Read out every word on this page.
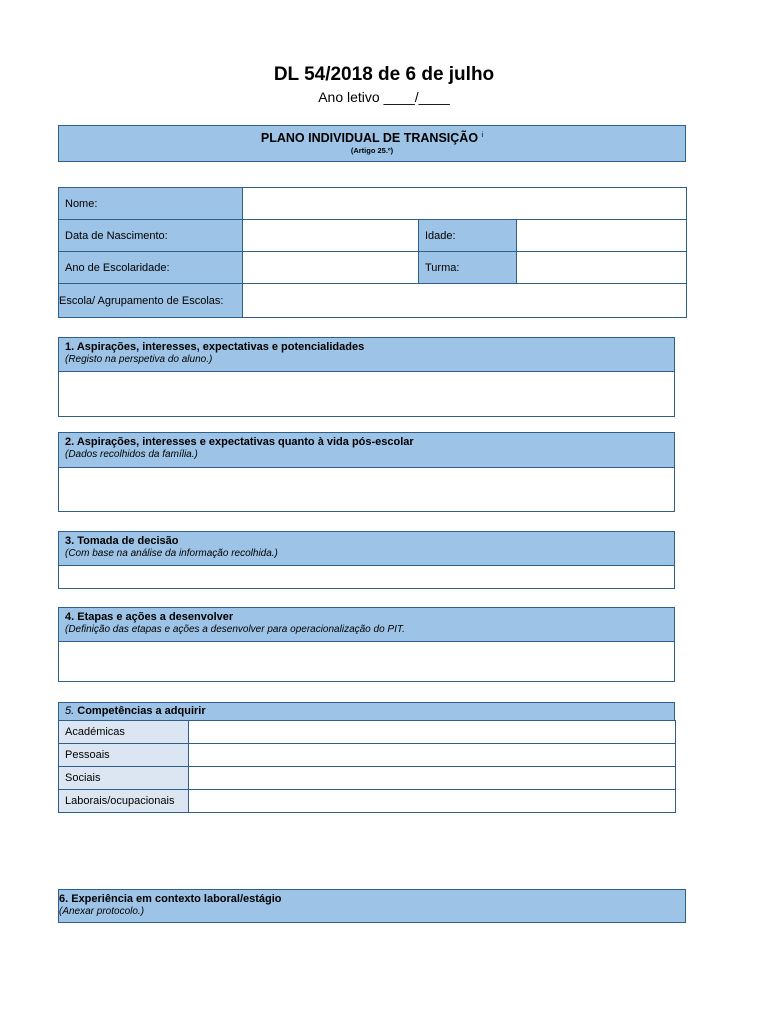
DL 54/2018 de 6 de julho
Ano letivo ____/____
PLANO INDIVIDUAL DE TRANSIÇÃO $^i$
(Artigo 25.º)
Nome:			
Data de Nascimento:		Idade:	
Ano de Escolaridade:		Turma:	
Escola/ Agrupamento de Escolas:			
1. Aspirações, interesses, expectativas e potencialidades
(Registo na perspetiva do aluno.)
2. Aspirações, interesses e expectativas quanto à vida pós-escolar
(Dados recolhidos da família.)
3. Tomada de decisão
(Com base na análise da informação recolhida.)
4. Etapas e ações a desenvolver
(Definição das etapas e ações a desenvolver para operacionalização do PIT.
5. Competências a adquirir
Académicas	
Pessoais	
Sociais	
Laborais/ocupacionais	
6. Experiência em contexto laboral/estágio
(Anexar protocolo.)
